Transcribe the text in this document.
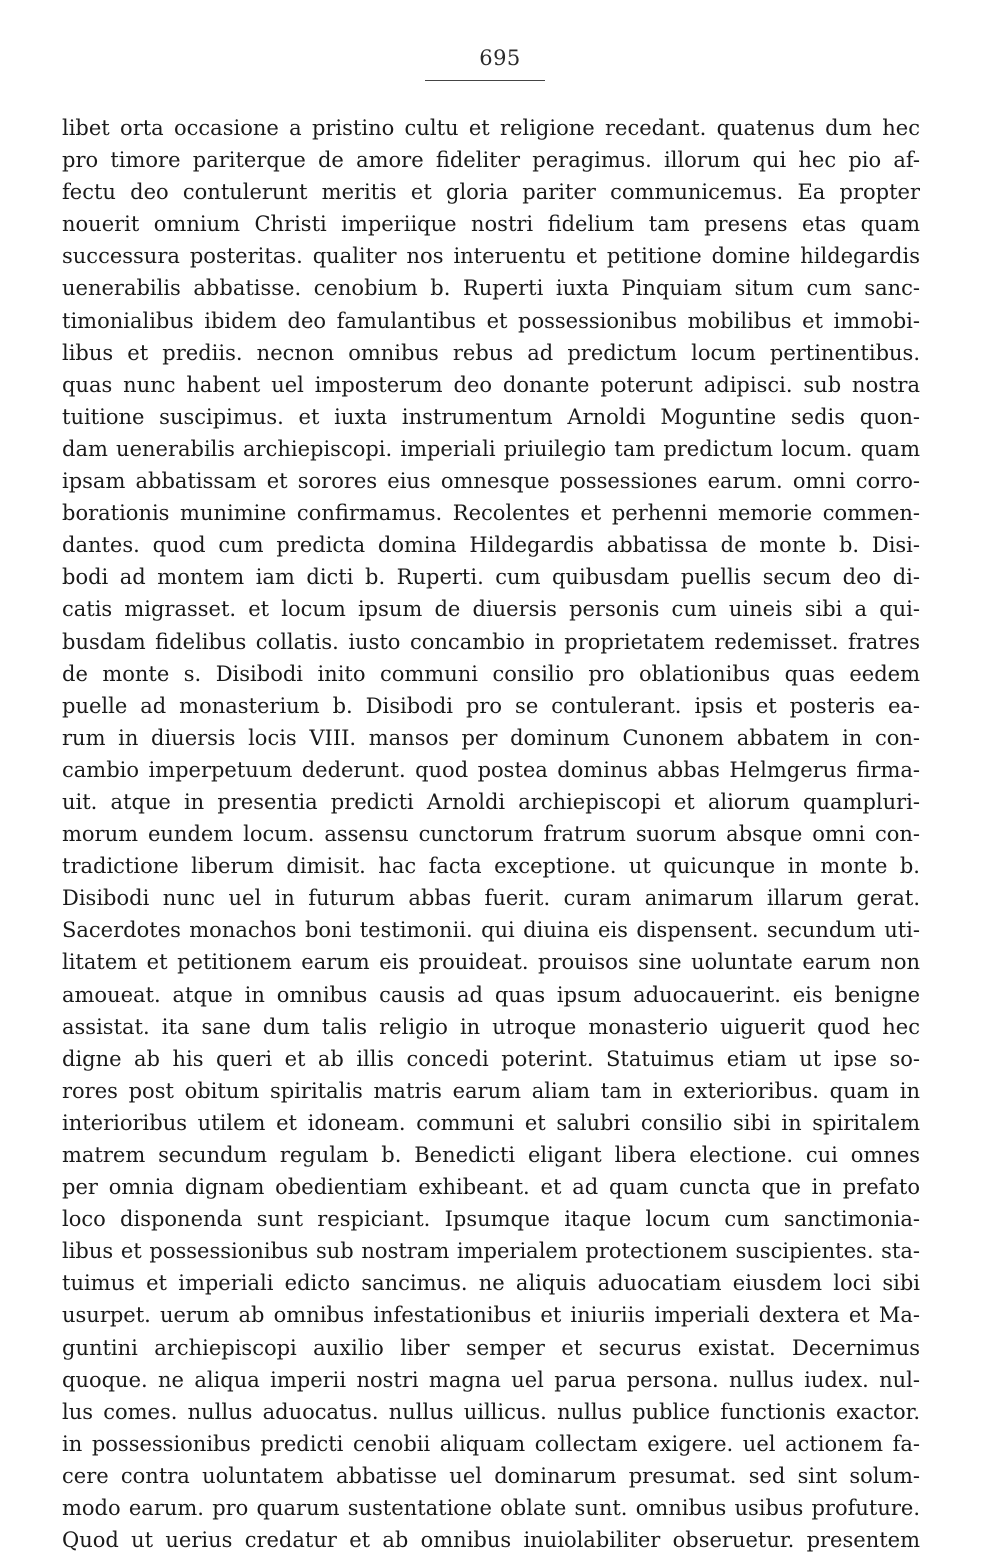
695
libet orta occasione a pristino cultu et religione recedant. quatenus dum hec
pro timore pariterque de amore fideliter peragimus. illorum qui hec pio af-
fectu deo contulerunt meritis et gloria pariter communicemus. Ea propter
nouerit omnium Christi imperiique nostri fidelium tam presens etas quam
successura posteritas. qualiter nos interuentu et petitione domine hildegardis
uenerabilis abbatisse. cenobium b. Ruperti iuxta Pinquiam situm cum sanc-
timonialibus ibidem deo famulantibus et possessionibus mobilibus et immobi-
libus et prediis. necnon omnibus rebus ad predictum locum pertinentibus.
quas nunc habent uel imposterum deo donante poterunt adipisci. sub nostra
tuitione suscipimus. et iuxta instrumentum Arnoldi Moguntine sedis quon-
dam uenerabilis archiepiscopi. imperiali priuilegio tam predictum locum. quam
ipsam abbatissam et sorores eius omnesque possessiones earum. omni corro-
borationis munimine confirmamus. Recolentes et perhenni memorie commen-
dantes. quod cum predicta domina Hildegardis abbatissa de monte b. Disi-
bodi ad montem iam dicti b. Ruperti. cum quibusdam puellis secum deo di-
catis migrasset. et locum ipsum de diuersis personis cum uineis sibi a qui-
busdam fidelibus collatis. iusto concambio in proprietatem redemisset. fratres
de monte s. Disibodi inito communi consilio pro oblationibus quas eedem
puelle ad monasterium b. Disibodi pro se contulerant. ipsis et posteris ea-
rum in diuersis locis VIII. mansos per dominum Cunonem abbatem in con-
cambio imperpetuum dederunt. quod postea dominus abbas Helmgerus firma-
uit. atque in presentia predicti Arnoldi archiepiscopi et aliorum quampluri-
morum eundem locum. assensu cunctorum fratrum suorum absque omni con-
tradictione liberum dimisit. hac facta exceptione. ut quicunque in monte b.
Disibodi nunc uel in futurum abbas fuerit. curam animarum illarum gerat.
Sacerdotes monachos boni testimonii. qui diuina eis dispensent. secundum uti-
litatem et petitionem earum eis prouideat. prouisos sine uoluntate earum non
amoueat. atque in omnibus causis ad quas ipsum aduocauerint. eis benigne
assistat. ita sane dum talis religio in utroque monasterio uiguerit quod hec
digne ab his queri et ab illis concedi poterint. Statuimus etiam ut ipse so-
rores post obitum spiritalis matris earum aliam tam in exterioribus. quam in
interioribus utilem et idoneam. communi et salubri consilio sibi in spiritalem
matrem secundum regulam b. Benedicti eligant libera electione. cui omnes
per omnia dignam obedientiam exhibeant. et ad quam cuncta que in prefato
loco disponenda sunt respiciant. Ipsumque itaque locum cum sanctimonia-
libus et possessionibus sub nostram imperialem protectionem suscipientes. sta-
tuimus et imperiali edicto sancimus. ne aliquis aduocatiam eiusdem loci sibi
usurpet. uerum ab omnibus infestationibus et iniuriis imperiali dextera et Ma-
guntini archiepiscopi auxilio liber semper et securus existat. Decernimus
quoque. ne aliqua imperii nostri magna uel parua persona. nullus iudex. nul-
lus comes. nullus aduocatus. nullus uillicus. nullus publice functionis exactor.
in possessionibus predicti cenobii aliquam collectam exigere. uel actionem fa-
cere contra uoluntatem abbatisse uel dominarum presumat. sed sint solum-
modo earum. pro quarum sustentatione oblate sunt. omnibus usibus profuture.
Quod ut uerius credatur et ab omnibus inuiolabiliter obseruetur. presentem
